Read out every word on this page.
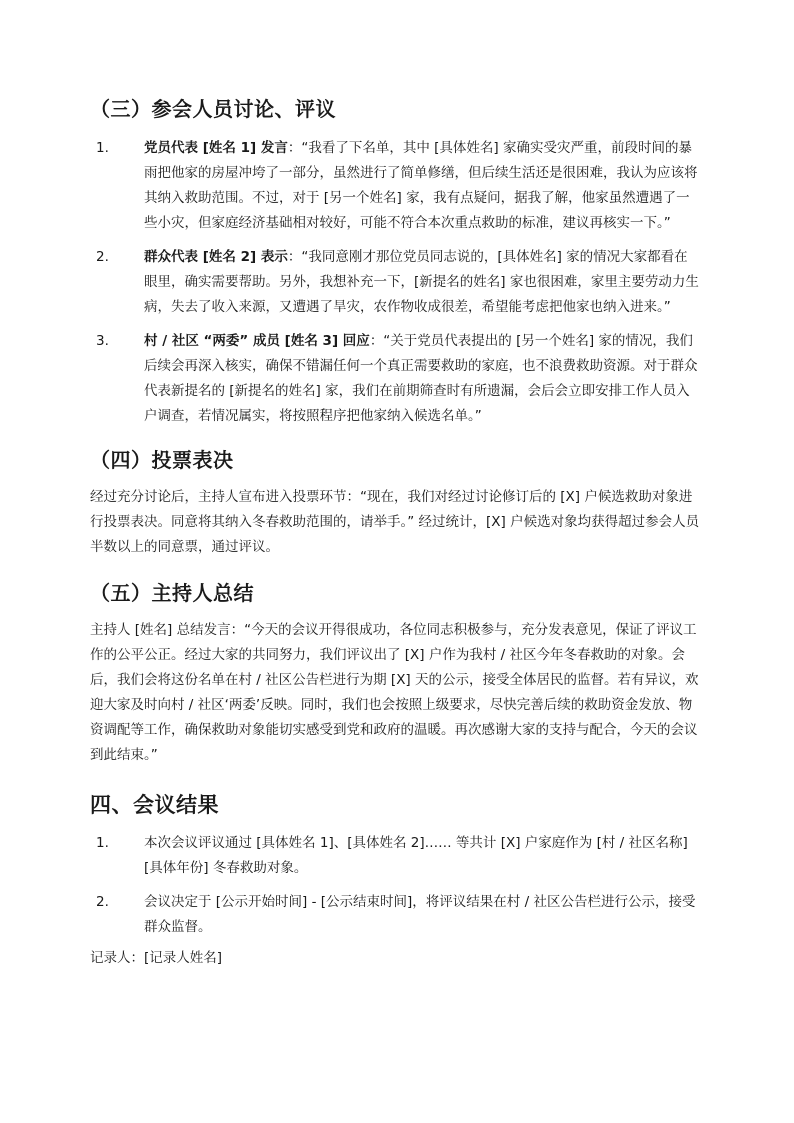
（三）参会人员讨论、评议
1.	党员代表 [姓名 1] 发言：“我看了下名单，其中 [具体姓名] 家确实受灾严重，前段时间的暴雨把他家的房屋冲垮了一部分，虽然进行了简单修缮，但后续生活还是很困难，我认为应该将其纳入救助范围。不过，对于 [另一个姓名] 家，我有点疑问，据我了解，他家虽然遭遇了一些小灾，但家庭经济基础相对较好，可能不符合本次重点救助的标准，建议再核实一下。”
2.	群众代表 [姓名 2] 表示：“我同意刚才那位党员同志说的，[具体姓名] 家的情况大家都看在眼里，确实需要帮助。另外，我想补充一下，[新提名的姓名] 家也很困难，家里主要劳动力生病，失去了收入来源，又遭遇了旱灾，农作物收成很差，希望能考虑把他家也纳入进来。”
3.	村 / 社区 “两委” 成员 [姓名 3] 回应：“关于党员代表提出的 [另一个姓名] 家的情况，我们后续会再深入核实，确保不错漏任何一个真正需要救助的家庭，也不浪费救助资源。对于群众代表新提名的 [新提名的姓名] 家，我们在前期筛查时有所遗漏，会后会立即安排工作人员入户调查，若情况属实，将按照程序把他家纳入候选名单。”
（四）投票表决

经过充分讨论后，主持人宣布进入投票环节：“现在，我们对经过讨论修订后的 [X] 户候选救助对象进行投票表决。同意将其纳入冬春救助范围的，请举手。” 经过统计，[X] 户候选对象均获得超过参会人员半数以上的同意票，通过评议。

（五）主持人总结

主持人 [姓名] 总结发言：“今天的会议开得很成功，各位同志积极参与，充分发表意见，保证了评议工作的公平公正。经过大家的共同努力，我们评议出了 [X] 户作为我村 / 社区今年冬春救助的对象。会后，我们会将这份名单在村 / 社区公告栏进行为期 [X] 天的公示，接受全体居民的监督。若有异议，欢迎大家及时向村 / 社区‘两委’反映。同时，我们也会按照上级要求，尽快完善后续的救助资金发放、物资调配等工作，确保救助对象能切实感受到党和政府的温暖。再次感谢大家的支持与配合，今天的会议到此结束。”

四、会议结果
1.	本次会议评议通过 [具体姓名 1]、[具体姓名 2]…… 等共计 [X] 户家庭作为 [村 / 社区名称] [具体年份] 冬春救助对象。
2.	会议决定于 [公示开始时间] - [公示结束时间]，将评议结果在村 / 社区公告栏进行公示，接受群众监督。

记录人：[记录人姓名]
